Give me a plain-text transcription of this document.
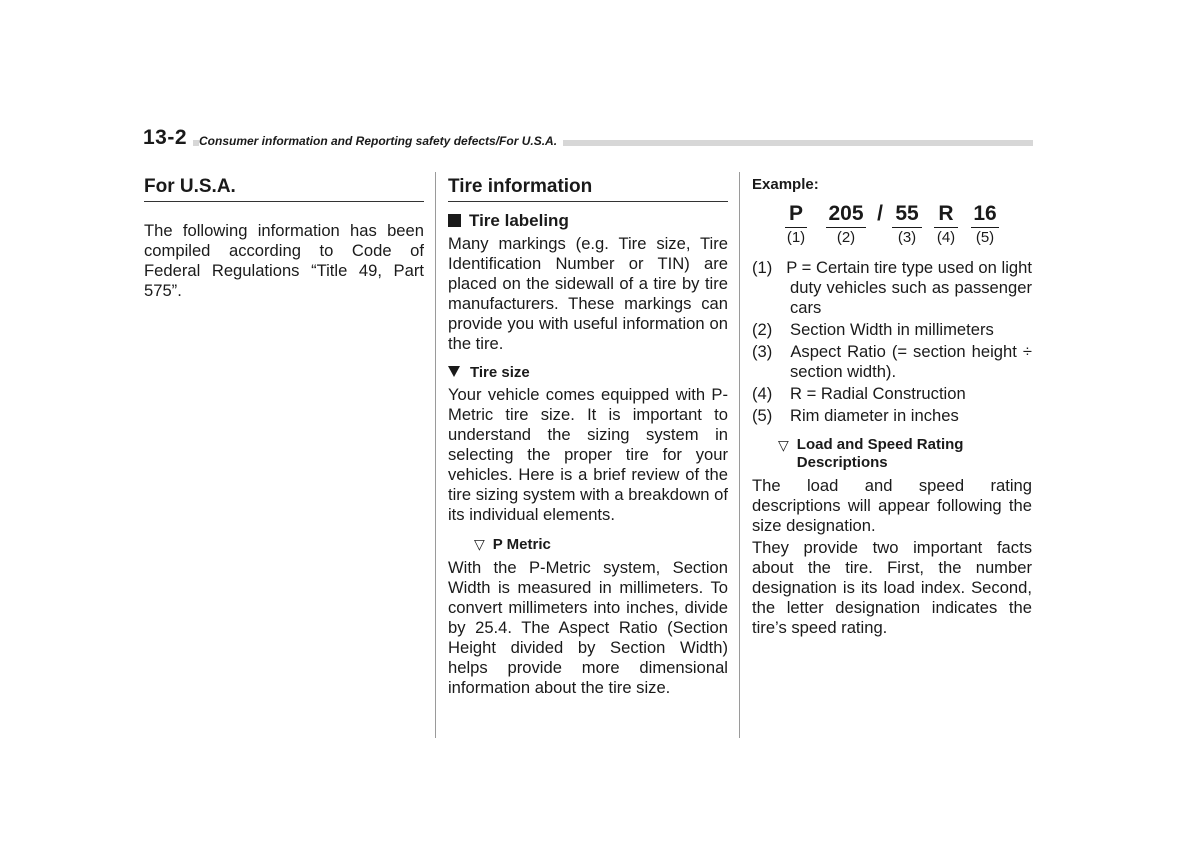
13-2 Consumer information and Reporting safety defects/For U.S.A.
For U.S.A.

The following information has been compiled according to Code of Federal Regulations “Title 49, Part 575”.

Tire information
Tire labeling

Many markings (e.g. Tire size, Tire Identification Number or TIN) are placed on the sidewall of a tire by tire manufacturers. These markings can provide you with useful information on the tire.

Tire size

Your vehicle comes equipped with P-Metric tire size. It is important to understand the sizing system in selecting the proper tire for your vehicles. Here is a brief review of the tire sizing system with a breakdown of its individual elements.

▽ P Metric

With the P-Metric system, Section Width is measured in millimeters. To convert millimeters into inches, divide by 25.4. The Aspect Ratio (Section Height divided by Section Width) helps provide more dimensional information about the tire size.

Example:
P 205 / 55 R 16
(1)	(2)	(3) (4) (5)

(1) P = Certain tire type used on light duty vehicles such as passenger cars

(2)	Section Width in millimeters

(3) Aspect Ratio (= section height ÷ section width).

(4)	R = Radial Construction
(5)	Rim diameter in inches
▽ Load and Speed Rating Descriptions

The load and speed rating descriptions will appear following the size designation.

They provide two important facts about the tire. First, the number designation is its load index. Second, the letter designation indicates the tire’s speed rating.
